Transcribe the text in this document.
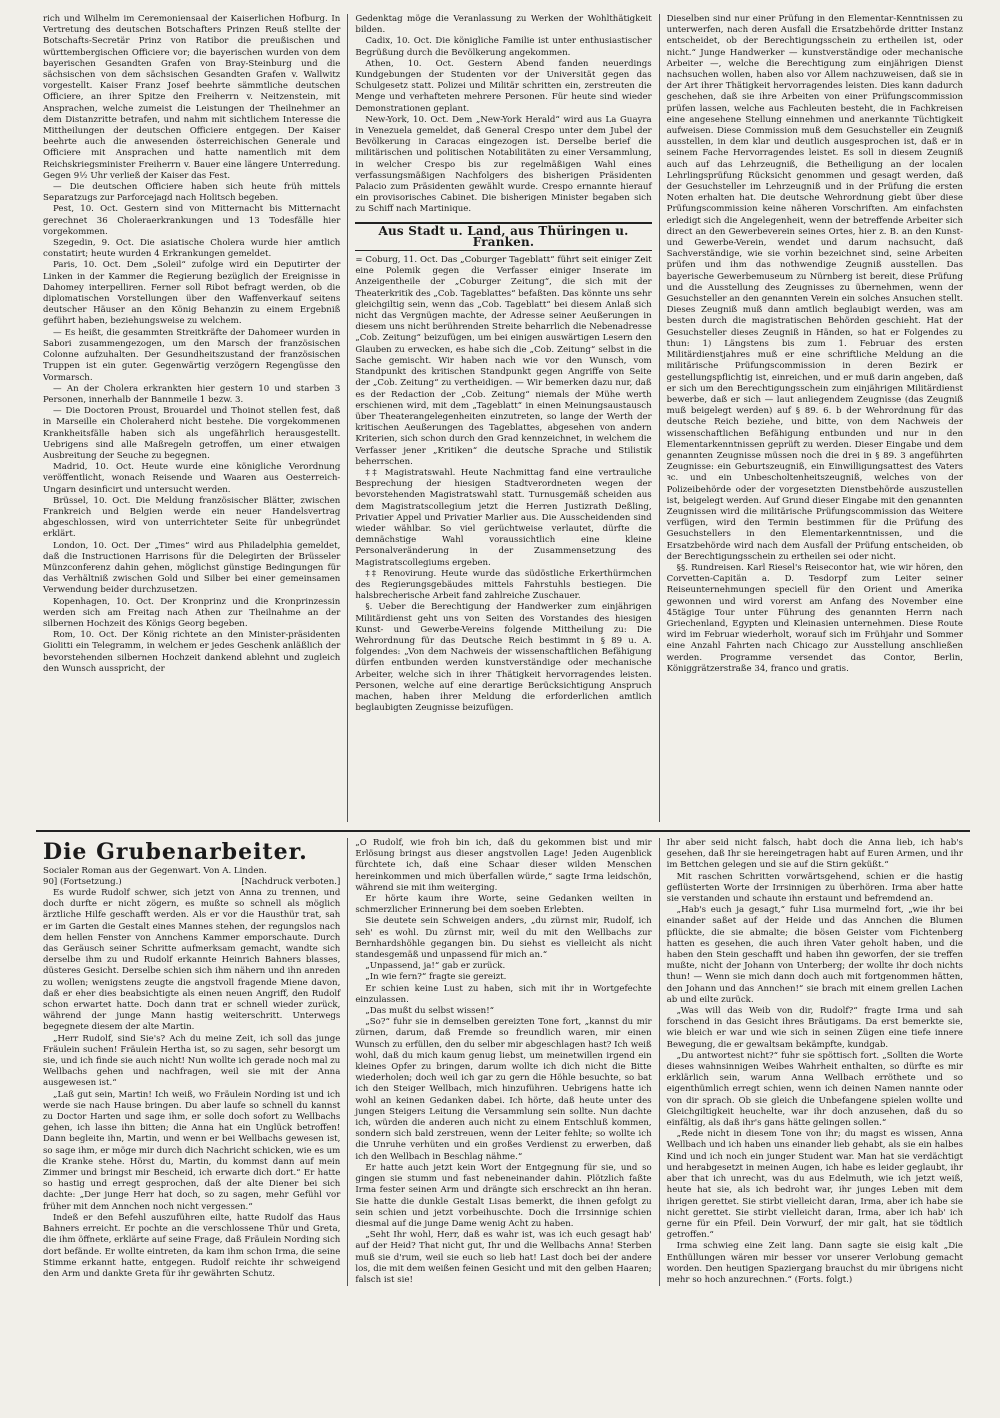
rich und Wilhelm im Ceremoniensaal der Kaiserlichen Hofburg. In Vertretung des deutschen Botschafters Prinzen Reuß stellte der Botschafts-Secretär Prinz von Ratibor die preußischen und württembergischen Officiere vor; die bayerischen wurden von dem bayerischen Gesandten Grafen von Bray-Steinburg und die sächsischen von dem sächsischen Gesandten Grafen v. Wallwitz vorgestellt. Kaiser Franz Josef beehrte sämmtliche deutschen Officiere, an ihrer Spitze den Freiherrn v. Neitzenstein, mit Ansprachen, welche zumeist die Leistungen der Theilnehmer an dem Distanzritte betrafen, und nahm mit sichtlichem Interesse die Mittheilungen der deutschen Officiere entgegen. Der Kaiser beehrte auch die anwesenden österreichischen Generale und Officiere mit Ansprachen und hatte namentlich mit dem Reichskriegsminister Freiherrn v. Bauer eine längere Unterredung. Gegen 9½ Uhr verließ der Kaiser das Fest.

— Die deutschen Officiere haben sich heute früh mittels Separatzugs zur Parforcejagd nach Holitsch begeben.

Pest, 10. Oct. Gestern sind von Mitternacht bis Mitternacht gerechnet 36 Choleraerkrankungen und 13 Todesfälle hier vorgekommen.

Szegedin, 9. Oct. Die asiatische Cholera wurde hier amtlich constatirt; heute wurden 4 Erkrankungen gemeldet.

Paris, 10. Oct. Dem „Soleil“ zufolge wird ein Deputirter der Linken in der Kammer die Regierung bezüglich der Ereignisse in Dahomey interpelliren. Ferner soll Ribot befragt werden, ob die diplomatischen Vorstellungen über den Waffenverkauf seitens deutscher Häuser an den König Behanzin zu einem Ergebniß geführt haben, beziehungsweise zu welchem.

— Es heißt, die gesammten Streitkräfte der Dahomeer wurden in Sabori zusammengezogen, um den Marsch der französischen Colonne aufzuhalten. Der Gesundheitszustand der französischen Truppen ist ein guter. Gegenwärtig verzögern Regengüsse den Vormarsch.

— An der Cholera erkrankten hier gestern 10 und starben 3 Personen, innerhalb der Bannmeile 1 bezw. 3.

— Die Doctoren Proust, Brouardel und Thoinot stellen fest, daß in Marseille ein Choleraherd nicht bestehe. Die vorgekommenen Krankheitsfälle haben sich als ungefährlich herausgestellt. Uebrigens sind alle Maßregeln getroffen, um einer etwaigen Ausbreitung der Seuche zu begegnen.

Madrid, 10. Oct. Heute wurde eine königliche Verordnung veröffentlicht, wonach Reisende und Waaren aus Oesterreich-Ungarn desinficirt und untersucht werden.

Brüssel, 10. Oct. Die Meldung französischer Blätter, zwischen Frankreich und Belgien werde ein neuer Handelsvertrag abgeschlossen, wird von unterrichteter Seite für unbegründet erklärt.

London, 10. Oct. Der „Times“ wird aus Philadelphia gemeldet, daß die Instructionen Harrisons für die Delegirten der Brüsseler Münzconferenz dahin gehen, möglichst günstige Bedingungen für das Verhältniß zwischen Gold und Silber bei einer gemeinsamen Verwendung beider durchzusetzen.

Kopenhagen, 10. Oct. Der Kronprinz und die Kronprinzessin werden sich am Freitag nach Athen zur Theilnahme an der silbernen Hochzeit des Königs Georg begeben.

Rom, 10. Oct. Der König richtete an den Minister-präsidenten Giolitti ein Telegramm, in welchem er jedes Geschenk anläßlich der bevorstehenden silbernen Hochzeit dankend ablehnt und zugleich den Wunsch ausspricht, der

Gedenktag möge die Veranlassung zu Werken der Wohlthätigkeit bilden.

Cadix, 10. Oct. Die königliche Familie ist unter enthusiastischer Begrüßung durch die Bevölkerung angekommen.

Athen, 10. Oct. Gestern Abend fanden neuerdings Kundgebungen der Studenten vor der Universität gegen das Schulgesetz statt. Polizei und Militär schritten ein, zerstreuten die Menge und verhafteten mehrere Personen. Für heute sind wieder Demonstrationen geplant.

New-York, 10. Oct. Dem „New-York Herald“ wird aus La Guayra in Venezuela gemeldet, daß General Crespo unter dem Jubel der Bevölkerung in Caracas eingezogen ist. Derselbe berief die militärischen und politischen Notabilitäten zu einer Versammlung, in welcher Crespo bis zur regelmäßigen Wahl eines verfassungsmäßigen Nachfolgers des bisherigen Präsidenten Palacio zum Präsidenten gewählt wurde. Crespo ernannte hierauf ein provisorisches Cabinet. Die bisherigen Minister begaben sich zu Schiff nach Martinique.

Aus Stadt u. Land, aus Thüringen u. Franken.

= Coburg, 11. Oct. Das „Coburger Tageblatt“ führt seit einiger Zeit eine Polemik gegen die Verfasser einiger Inserate im Anzeigentheile der „Coburger Zeitung“, die sich mit der Theaterkritik des „Cob. Tageblattes“ befaßten. Das könnte uns sehr gleichgiltig sein, wenn das „Cob. Tageblatt“ bei diesem Anlaß sich nicht das Vergnügen machte, der Adresse seiner Aeußerungen in diesem uns nicht berührenden Streite beharrlich die Nebenadresse „Cob. Zeitung“ beizufügen, um bei einigen auswärtigen Lesern den Glauben zu erwecken, es habe sich die „Cob. Zeitung“ selbst in die Sache gemischt. Wir haben nach wie vor den Wunsch, vom Standpunkt des kritischen Standpunkt gegen Angriffe von Seite der „Cob. Zeitung“ zu vertheidigen. — Wir bemerken dazu nur, daß es der Redaction der „Cob. Zeitung“ niemals der Mühe werth erschienen wird, mit dem „Tageblatt“ in einen Meinungsaustausch über Theaterangelegenheiten einzutreten, so lange der Werth der kritischen Aeußerungen des Tageblattes, abgesehen von andern Kriterien, sich schon durch den Grad kennzeichnet, in welchem die Verfasser jener „Kritiken“ die deutsche Sprache und Stilistik beherrschen.

‡‡ Magistratswahl. Heute Nachmittag fand eine vertrauliche Besprechung der hiesigen Stadtverordneten wegen der bevorstehenden Magistratswahl statt. Turnusgemäß scheiden aus dem Magistratscollegium jetzt die Herren Justizrath Deßling, Privatier Appel und Privatier Marlier aus. Die Ausscheidenden sind wieder wählbar. So viel gerüchtweise verlautet, dürfte die demnächstige Wahl voraussichtlich eine kleine Personalveränderung in der Zusammensetzung des Magistratscollegiums ergeben.

‡‡ Renovirung. Heute wurde das südöstliche Erkerthürmchen des Regierungsgebäudes mittels Fahrstuhls bestiegen. Die halsbrecherische Arbeit fand zahlreiche Zuschauer.

§. Ueber die Berechtigung der Handwerker zum einjährigen Militärdienst geht uns von Seiten des Vorstandes des hiesigen Kunst- und Gewerbe-Vereins folgende Mittheilung zu: Die Wehrordnung für das Deutsche Reich bestimmt in § 89 u. A. folgendes: „Von dem Nachweis der wissenschaftlichen Befähigung dürfen entbunden werden kunstverständige oder mechanische Arbeiter, welche sich in ihrer Thätigkeit hervorragendes leisten. Personen, welche auf eine derartige Berücksichtigung Anspruch machen, haben ihrer Meldung die erforderlichen amtlich beglaubigten Zeugnisse beizufügen.

Dieselben sind nur einer Prüfung in den Elementar-Kenntnissen zu unterwerfen, nach deren Ausfall die Ersatzbehörde dritter Instanz entscheidet, ob der Berechtigungsschein zu ertheilen ist, oder nicht.“ Junge Handwerker — kunstverständige oder mechanische Arbeiter —, welche die Berechtigung zum einjährigen Dienst nachsuchen wollen, haben also vor Allem nachzuweisen, daß sie in der Art ihrer Thätigkeit hervorragendes leisten. Dies kann dadurch geschehen, daß sie ihre Arbeiten von einer Prüfungscommission prüfen lassen, welche aus Fachleuten besteht, die in Fachkreisen eine angesehene Stellung einnehmen und anerkannte Tüchtigkeit aufweisen. Diese Commission muß dem Gesuchsteller ein Zeugniß ausstellen, in dem klar und deutlich ausgesprochen ist, daß er in seinem Fache Hervorragendes leistet. Es soll in diesem Zeugniß auch auf das Lehrzeugniß, die Betheiligung an der localen Lehrlingsprüfung Rücksicht genommen und gesagt werden, daß der Gesuchsteller im Lehrzeugniß und in der Prüfung die ersten Noten erhalten hat. Die deutsche Wehrordnung giebt über diese Prüfungscommission keine näheren Vorschriften. Am einfachsten erledigt sich die Angelegenheit, wenn der betreffende Arbeiter sich direct an den Gewerbeverein seines Ortes, hier z. B. an den Kunst- und Gewerbe-Verein, wendet und darum nachsucht, daß Sachverständige, wie sie vorhin bezeichnet sind, seine Arbeiten prüfen und ihm das nothwendige Zeugniß ausstellen. Das bayerische Gewerbemuseum zu Nürnberg ist bereit, diese Prüfung und die Ausstellung des Zeugnisses zu übernehmen, wenn der Gesuchsteller an den genannten Verein ein solches Ansuchen stellt. Dieses Zeugniß muß dann amtlich beglaubigt werden, was am besten durch die magistratischen Behörden geschieht. Hat der Gesuchsteller dieses Zeugniß in Händen, so hat er Folgendes zu thun: 1) Längstens bis zum 1. Februar des ersten Militärdienstjahres muß er eine schriftliche Meldung an die militärische Prüfungscommission in deren Bezirk er gestellungspflichtig ist, einreichen, und er muß darin angeben, daß er sich um den Berechtigungsschein zum einjährigen Militärdienst bewerbe, daß er sich — laut anliegendem Zeugnisse (das Zeugniß muß beigelegt werden) auf § 89. 6. b der Wehrordnung für das deutsche Reich beziehe, und bitte, von dem Nachweis der wissenschaftlichen Befähigung entbunden und nur in den Elementarkenntnissen geprüft zu werden. Dieser Eingabe und dem genannten Zeugnisse müssen noch die drei in § 89. 3 angeführten Zeugnisse: ein Geburtszeugniß, ein Einwilligungsattest des Vaters ꝛc. und ein Unbescholtenheitszeugniß, welches von der Polizeibehörde oder der vorgesetzten Dienstbehörde auszustellen ist, beigelegt werden. Auf Grund dieser Eingabe mit den genannten Zeugnissen wird die militärische Prüfungscommission das Weitere verfügen, wird den Termin bestimmen für die Prüfung des Gesuchstellers in den Elementarkenntnissen, und die Ersatzbehörde wird nach dem Ausfall der Prüfung entscheiden, ob der Berechtigungsschein zu ertheilen sei oder nicht.

§§. Rundreisen. Karl Riesel's Reisecontor hat, wie wir hören, den Corvetten-Capitän a. D. Tesdorpf zum Leiter seiner Reiseunternehmungen speciell für den Orient und Amerika gewonnen und wird vorerst am Anfang des November eine 45tägige Tour unter Führung des genannten Herrn nach Griechenland, Egypten und Kleinasien unternehmen. Diese Route wird im Februar wiederholt, worauf sich im Frühjahr und Sommer eine Anzahl Fahrten nach Chicago zur Ausstellung anschließen werden. Programme versendet das Contor, Berlin, Königgrätzerstraße 34, franco und gratis.

Die Grubenarbeiter.
Socialer Roman aus der Gegenwart. Von A. Linden.
90] (Fortsetzung.)	[Nachdruck verboten.]

Es wurde Rudolf schwer, sich jetzt von Anna zu trennen, und doch durfte er nicht zögern, es mußte so schnell als möglich ärztliche Hilfe geschafft werden. Als er vor die Hausthür trat, sah er im Garten die Gestalt eines Mannes stehen, der regungslos nach dem hellen Fenster von Annchens Kammer emporschaute. Durch das Geräusch seiner Schritte aufmerksam gemacht, wandte sich derselbe ihm zu und Rudolf erkannte Heinrich Bahners blasses, düsteres Gesicht. Derselbe schien sich ihm nähern und ihn anreden zu wollen; wenigstens zeugte die angstvoll fragende Miene davon, daß er eher dies beabsichtigte als einen neuen Angriff, den Rudolf schon erwartet hatte. Doch dann trat er schnell wieder zurück, während der junge Mann hastig weiterschritt. Unterwegs begegnete diesem der alte Martin.

„Herr Rudolf, sind Sie's? Ach du meine Zeit, ich soll das junge Fräulein suchen! Fräulein Hertha ist, so zu sagen, sehr besorgt um sie, und ich finde sie auch nicht! Nun wollte ich gerade noch mal zu Wellbachs gehen und nachfragen, weil sie mit der Anna ausgewesen ist.“

„Laß gut sein, Martin! Ich weiß, wo Fräulein Nording ist und ich werde sie nach Hause bringen. Du aber laufe so schnell du kannst zu Doctor Harten und sage ihm, er solle doch sofort zu Wellbachs gehen, ich lasse ihn bitten; die Anna hat ein Unglück betroffen! Dann begleite ihn, Martin, und wenn er bei Wellbachs gewesen ist, so sage ihm, er möge mir durch dich Nachricht schicken, wie es um die Kranke stehe. Hörst du, Martin, du kommst dann auf mein Zimmer und bringst mir Bescheid, ich erwarte dich dort.“ Er hatte so hastig und erregt gesprochen, daß der alte Diener bei sich dachte: „Der junge Herr hat doch, so zu sagen, mehr Gefühl vor früher mit dem Annchen noch nicht vergessen.“

Indeß er den Befehl auszuführen eilte, hatte Rudolf das Haus Bahners erreicht. Er pochte an die verschlossene Thür und Greta, die ihm öffnete, erklärte auf seine Frage, daß Fräulein Nording sich dort befände. Er wollte eintreten, da kam ihm schon Irma, die seine Stimme erkannt hatte, entgegen. Rudolf reichte ihr schweigend den Arm und dankte Greta für ihr gewährten Schutz.

„O Rudolf, wie froh bin ich, daß du gekommen bist und mir Erlösung bringst aus dieser angstvollen Lage! Jeden Augenblick fürchtete ich, daß eine Schaar dieser wilden Menschen hereinkommen und mich überfallen würde,“ sagte Irma leidschön, während sie mit ihm weiterging.

Er hörte kaum ihre Worte, seine Gedanken weilten in schmerzlicher Erinnerung bei dem soeben Erlebten.

Sie deutete sein Schweigen anders, „du zürnst mir, Rudolf, ich seh' es wohl. Du zürnst mir, weil du mit den Wellbachs zur Bernhardshöhle gegangen bin. Du siehst es vielleicht als nicht standesgemäß und unpassend für mich an.“

„Unpassend, ja!“ gab er zurück.

„In wie fern?“ fragte sie gereizt.

Er schien keine Lust zu haben, sich mit ihr in Wortgefechte einzulassen.

„Das mußt du selbst wissen!“

„So?“ fuhr sie in demselben gereizten Tone fort, „kannst du mir zürnen, darum, daß Fremde so freundlich waren, mir einen Wunsch zu erfüllen, den du selber mir abgeschlagen hast? Ich weiß wohl, daß du mich kaum genug liebst, um meinetwillen irgend ein kleines Opfer zu bringen, darum wollte ich dich nicht die Bitte wiederholen; doch weil ich gar zu gern die Höhle besuchte, so bat ich den Steiger Wellbach, mich hinzuführen. Uebrigens hatte ich wohl an keinen Gedanken dabei. Ich hörte, daß heute unter des jungen Steigers Leitung die Versammlung sein sollte. Nun dachte ich, würden die anderen auch nicht zu einem Entschluß kommen, sondern sich bald zerstreuen, wenn der Leiter fehlte; so wollte ich die Unruhe verhüten und ein großes Verdienst zu erwerben, daß ich den Wellbach in Beschlag nähme.“

Er hatte auch jetzt kein Wort der Entgegnung für sie, und so gingen sie stumm und fast nebeneinander dahin. Plötzlich faßte Irma fester seinen Arm und drängte sich erschreckt an ihn heran. Sie hatte die dunkle Gestalt Lisas bemerkt, die ihnen gefolgt zu sein schien und jetzt vorbeihuschte. Doch die Irrsinnige schien diesmal auf die junge Dame wenig Acht zu haben.

„Seht Ihr wohl, Herr, daß es wahr ist, was ich euch gesagt hab' auf der Heid? That nicht gut, Ihr und die Wellbachs Anna! Sterben muß sie d'rum, weil sie euch so lieb hat! Last doch bei der andere los, die mit dem weißen feinen Gesicht und mit den gelben Haaren; falsch ist sie!

Ihr aber seid nicht falsch, habt doch die Anna lieb, ich hab's gesehen, daß Ihr sie hereingetragen habt auf Euren Armen, und ihr im Bettchen gelegen und sie auf die Stirn geküßt.“

Mit raschen Schritten vorwärtsgehend, schien er die hastig geflüsterten Worte der Irrsinnigen zu überhören. Irma aber hatte sie verstanden und schaute ihn erstaunt und befremdend an.

„Hab's euch ja gesagt,“ fuhr Lisa murmelnd fort, „wie ihr bei einander saßet auf der Heide und das Annchen die Blumen pflückte, die sie abmalte; die bösen Geister vom Fichtenberg hatten es gesehen, die auch ihren Vater geholt haben, und die haben den Stein geschafft und haben ihn geworfen, der sie treffen mußte, nicht der Johann von Unterberg; der wollte ihr doch nichts thun! — Wenn sie mich dann doch auch mit fortgenommen hätten, den Johann und das Annchen!“ sie brach mit einem grellen Lachen ab und eilte zurück.

„Was will das Weib von dir, Rudolf?“ fragte Irma und sah forschend in das Gesicht ihres Bräutigams. Da erst bemerkte sie, wie bleich er war und wie sich in seinen Zügen eine tiefe innere Bewegung, die er gewaltsam bekämpfte, kundgab.

„Du antwortest nicht?“ fuhr sie spöttisch fort. „Sollten die Worte dieses wahnsinnigen Weibes Wahrheit enthalten, so dürfte es mir erklärlich sein, warum Anna Wellbach erröthete und so eigenthümlich erregt schien, wenn ich deinen Namen nannte oder von dir sprach. Ob sie gleich die Unbefangene spielen wollte und Gleichgiltigkeit heuchelte, war ihr doch anzusehen, daß du so einfältig, als daß ihr's gans hätte gelingen sollen.“

„Rede nicht in diesem Tone von ihr; du magst es wissen, Anna Wellbach und ich haben uns einander lieb gehabt, als sie ein halbes Kind und ich noch ein junger Student war. Man hat sie verdächtigt und herabgesetzt in meinen Augen, ich habe es leider geglaubt, ihr aber that ich unrecht, was du aus Edelmuth, wie ich jetzt weiß, heute hat sie, als ich bedroht war, ihr junges Leben mit dem ihrigen gerettet. Sie stirbt vielleicht daran, Irma, aber ich habe sie nicht gerettet. Sie stirbt vielleicht daran, Irma, aber ich hab' ich gerne für ein Pfeil. Dein Vorwurf, der mir galt, hat sie tödtlich getroffen.“

Irma schwieg eine Zeit lang. Dann sagte sie eisig kalt „Die Enthüllungen wären mir besser vor unserer Verlobung gemacht worden. Den heutigen Spaziergang brauchst du mir übrigens nicht mehr so hoch anzurechnen.“ (Forts. folgt.)
